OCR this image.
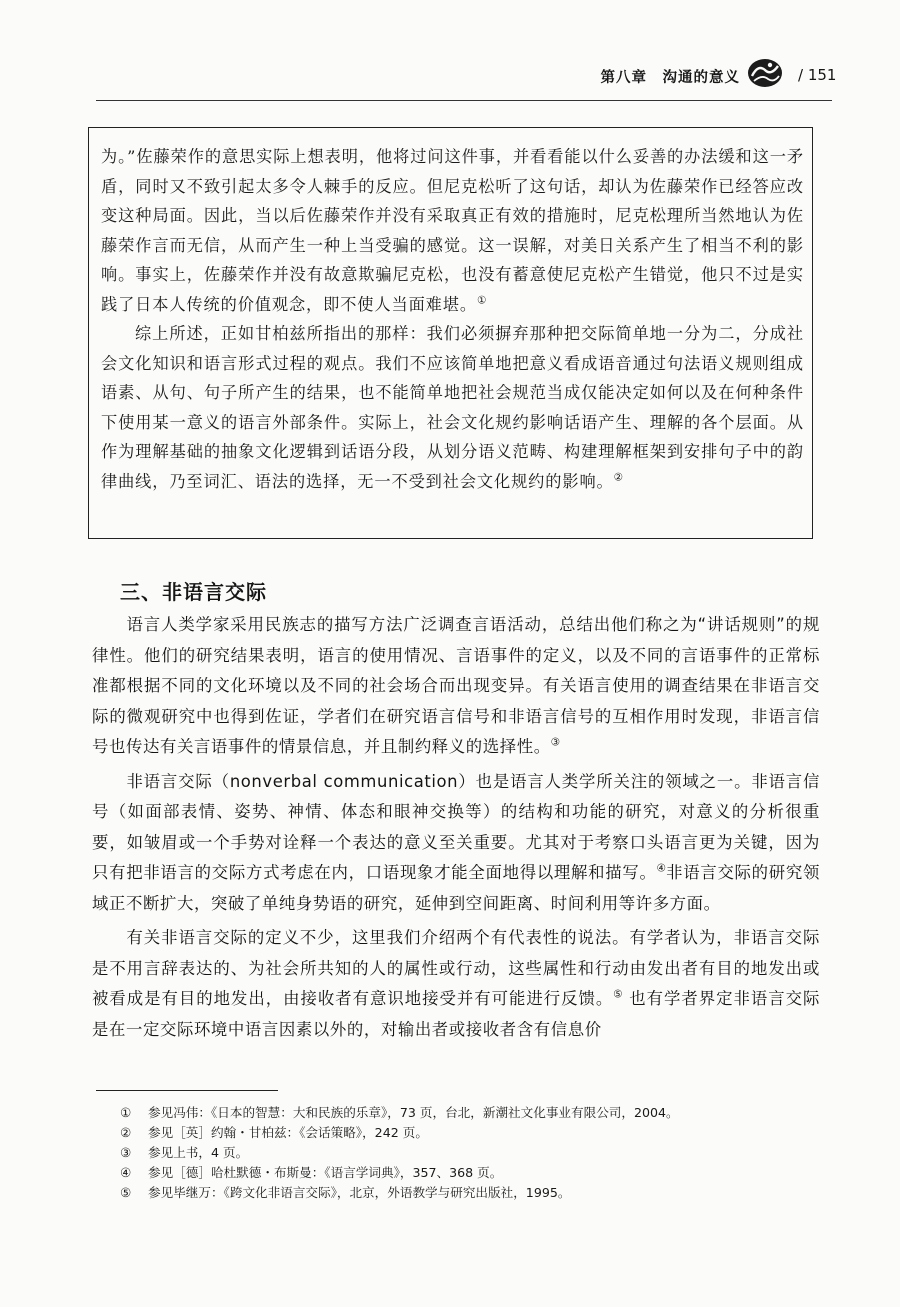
第八章　沟通的意义	/ 151

为。”佐藤荣作的意思实际上想表明，他将过问这件事，并看看能以什么妥善的办法缓和这一矛盾，同时又不致引起太多令人棘手的反应。但尼克松听了这句话，却认为佐藤荣作已经答应改变这种局面。因此，当以后佐藤荣作并没有采取真正有效的措施时，尼克松理所当然地认为佐藤荣作言而无信，从而产生一种上当受骗的感觉。这一误解，对美日关系产生了相当不利的影响。事实上，佐藤荣作并没有故意欺骗尼克松，也没有蓄意使尼克松产生错觉，他只不过是实践了日本人传统的价值观念，即不使人当面难堪。①

综上所述，正如甘柏兹所指出的那样：我们必须摒弃那种把交际简单地一分为二，分成社会文化知识和语言形式过程的观点。我们不应该简单地把意义看成语音通过句法语义规则组成语素、从句、句子所产生的结果，也不能简单地把社会规范当成仅能决定如何以及在何种条件下使用某一意义的语言外部条件。实际上，社会文化规约影响话语产生、理解的各个层面。从作为理解基础的抽象文化逻辑到话语分段，从划分语义范畴、构建理解框架到安排句子中的韵律曲线，乃至词汇、语法的选择，无一不受到社会文化规约的影响。②

三、非语言交际

语言人类学家采用民族志的描写方法广泛调查言语活动，总结出他们称之为“讲话规则”的规律性。他们的研究结果表明，语言的使用情况、言语事件的定义，以及不同的言语事件的正常标准都根据不同的文化环境以及不同的社会场合而出现变异。有关语言使用的调查结果在非语言交际的微观研究中也得到佐证，学者们在研究语言信号和非语言信号的互相作用时发现，非语言信号也传达有关言语事件的情景信息，并且制约释义的选择性。③

非语言交际（nonverbal communication）也是语言人类学所关注的领域之一。非语言信号（如面部表情、姿势、神情、体态和眼神交换等）的结构和功能的研究，对意义的分析很重要，如皱眉或一个手势对诠释一个表达的意义至关重要。尤其对于考察口头语言更为关键，因为只有把非语言的交际方式考虑在内，口语现象才能全面地得以理解和描写。④非语言交际的研究领域正不断扩大，突破了单纯身势语的研究，延伸到空间距离、时间利用等许多方面。

有关非语言交际的定义不少，这里我们介绍两个有代表性的说法。有学者认为，非语言交际是不用言辞表达的、为社会所共知的人的属性或行动，这些属性和行动由发出者有目的地发出或被看成是有目的地发出，由接收者有意识地接受并有可能进行反馈。⑤ 也有学者界定非语言交际是在一定交际环境中语言因素以外的，对输出者或接收者含有信息价

①	参见冯伟：《日本的智慧：大和民族的乐章》，73 页，台北，新潮社文化事业有限公司，2004。
②	参见［英］约翰・甘柏兹：《会话策略》，242 页。
③	参见上书，4 页。
④	参见［德］哈杜默德・布斯曼：《语言学词典》，357、368 页。
⑤	参见毕继万：《跨文化非语言交际》，北京，外语教学与研究出版社，1995。
